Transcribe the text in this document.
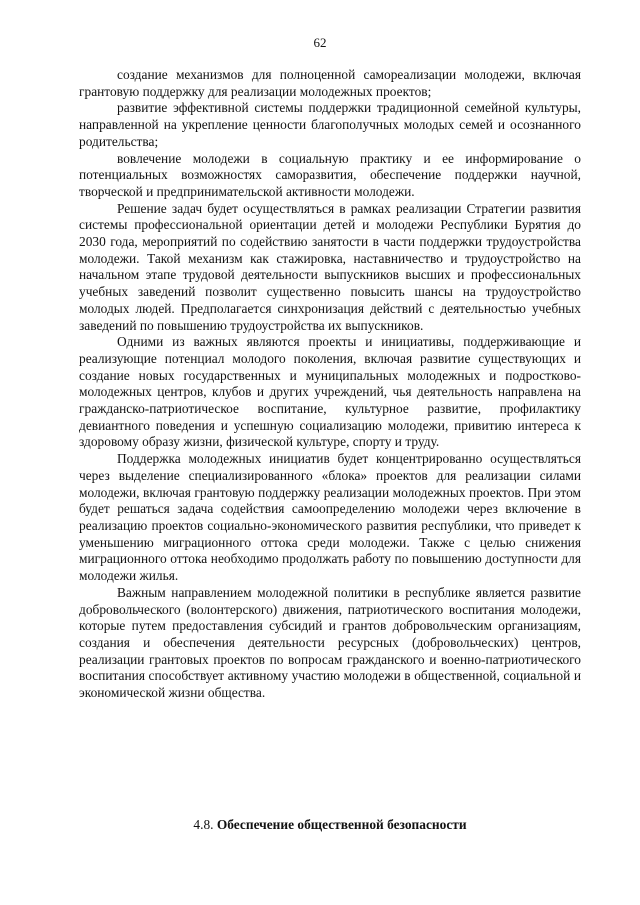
62

создание механизмов для полноценной самореализации молодежи, включая грантовую поддержку для реализации молодежных проектов;

развитие эффективной системы поддержки традиционной семейной культуры, направленной на укрепление ценности благополучных молодых семей и осознанного родительства;

вовлечение молодежи в социальную практику и ее информирование о потенциальных возможностях саморазвития, обеспечение поддержки научной, творческой и предпринимательской активности молодежи.

Решение задач будет осуществляться в рамках реализации Стратегии развития системы профессиональной ориентации детей и молодежи Республики Бурятия до 2030 года, мероприятий по содействию занятости в части поддержки трудоустройства молодежи. Такой механизм как стажировка, наставничество и трудоустройство на начальном этапе трудовой деятельности выпускников высших и профессиональных учебных заведений позволит существенно повысить шансы на трудоустройство молодых людей. Предполагается синхронизация действий с деятельностью учебных заведений по повышению трудоустройства их выпускников.

Одними из важных являются проекты и инициативы, поддерживающие и реализующие потенциал молодого поколения, включая развитие существующих и создание новых государственных и муниципальных молодежных и подростково-молодежных центров, клубов и других учреждений, чья деятельность направлена на гражданско-патриотическое воспитание, культурное развитие, профилактику девиантного поведения и успешную социализацию молодежи, привитию интереса к здоровому образу жизни, физической культуре, спорту и труду.

Поддержка молодежных инициатив будет концентрированно осуществляться через выделение специализированного «блока» проектов для реализации силами молодежи, включая грантовую поддержку реализации молодежных проектов. При этом будет решаться задача содействия самоопределению молодежи через включение в реализацию проектов социально-экономического развития республики, что приведет к уменьшению миграционного оттока среди молодежи. Также с целью снижения миграционного оттока необходимо продолжать работу по повышению доступности для молодежи жилья.

Важным направлением молодежной политики в республике является развитие добровольческого (волонтерского) движения, патриотического воспитания молодежи, которые путем предоставления субсидий и грантов добровольческим организациям, создания и обеспечения деятельности ресурсных (добровольческих) центров, реализации грантовых проектов по вопросам гражданского и военно-патриотического воспитания способствует активному участию молодежи в общественной, социальной и экономической жизни общества.

4.8. Обеспечение общественной безопасности
